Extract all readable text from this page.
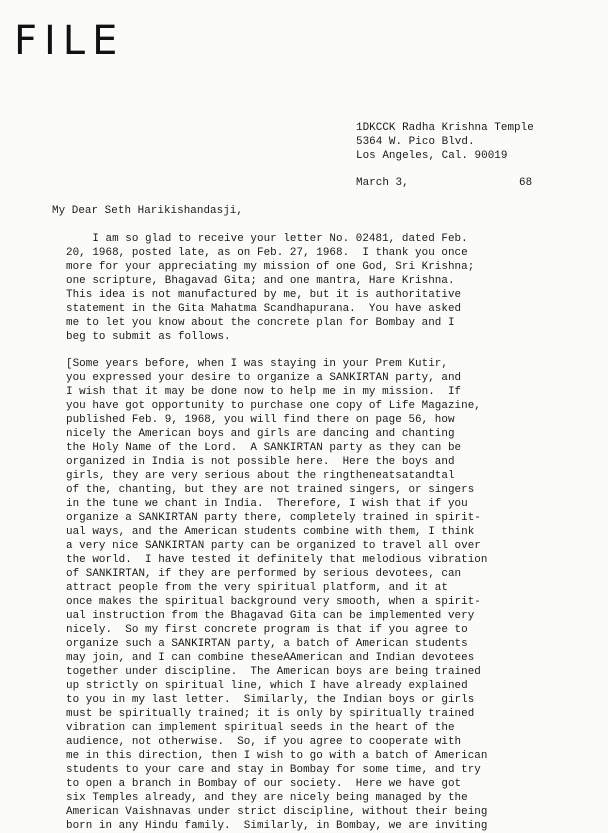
FILE
1DKCCK Radha Krishna Temple
5364 W. Pico Blvd.
Los Angeles, Cal. 90019
March 3,	68
My Dear Seth Harikishandasji,
I am so glad to receive your letter No. 02481, dated Feb.
20, 1968, posted late, as on Feb. 27, 1968.  I thank you once
more for your appreciating my mission of one God, Sri Krishna;
one scripture, Bhagavad Gita; and one mantra, Hare Krishna.
This idea is not manufactured by me, but it is authoritative
statement in the Gita Mahatma Scandhapurana.  You have asked
me to let you know about the concrete plan for Bombay and I
beg to submit as follows.
[Some years before, when I was staying in your Prem Kutir,
you expressed your desire to organize a SANKIRTAN party, and
I wish that it may be done now to help me in my mission.  If
you have got opportunity to purchase one copy of Life Magazine,
published Feb. 9, 1968, you will find there on page 56, how
nicely the American boys and girls are dancing and chanting
the Holy Name of the Lord.  A SANKIRTAN party as they can be
organized in India is not possible here.  Here the boys and
girls, they are very serious about the ringtheneatsatandtal
of the, chanting, but they are not trained singers, or singers
in the tune we chant in India.  Therefore, I wish that if you
organize a SANKIRTAN party there, completely trained in spirit-
ual ways, and the American students combine with them, I think
a very nice SANKIRTAN party can be organized to travel all over
the world.  I have tested it definitely that melodious vibration
of SANKIRTAN, if they are performed by serious devotees, can
attract people from the very spiritual platform, and it at
once makes the spiritual background very smooth, when a spirit-
ual instruction from the Bhagavad Gita can be implemented very
nicely.  So my first concrete program is that if you agree to
organize such a SANKIRTAN party, a batch of American students
may join, and I can combine theseAAmerican and Indian devotees
together under discipline.  The American boys are being trained
up strictly on spiritual line, which I have already explained
to you in my last letter.  Similarly, the Indian boys or girls
must be spiritually trained; it is only by spiritually trained
vibration can implement spiritual seeds in the heart of the
audience, not otherwise.  So, if you agree to cooperate with
me in this direction, then I wish to go with a batch of American
students to your care and stay in Bombay for some time, and try
to open a branch in Bombay of our society.  Here we have got
six Temples already, and they are nicely being managed by the
American Vaishnavas under strict discipline, without their being
born in any Hindu family.  Similarly, in Bombay, we are inviting
